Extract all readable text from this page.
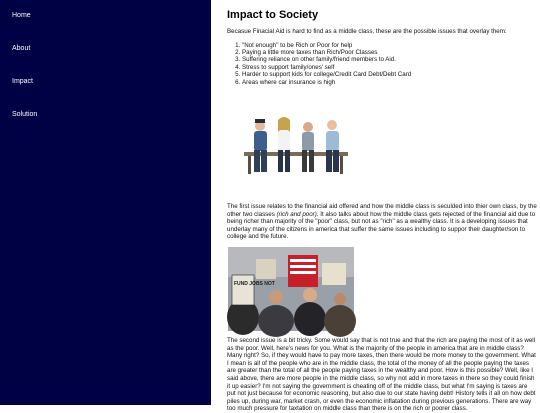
Home
About
Impact
Solution
Impact to Society

Becasue Finacial Aid is hard to find as a middle class, these are the possible issues that overlay them:

1. "Not enough" to be Rich or Poor for help
2. Paying a little more taxes than Rich/Poor Classes
3. Suffering reliance on other family/friend members to Aid.
4. Stress to support family/ones' self
5. Harder to support kids for college/Credit Card Debt/Debt Card
6. Areas where car insurance is high

The first issue relates to the financial aid offered and how the middle class is seculded into thier own class, by the other two classes (rich and poor). It also talks about how the middle class gets rejected of the financial aid due to being richer than majority of the "poor" class, but not as "rich" as a wealthy class. It is a developing issues that underlay many of the citizens in america that suffer the same issues including to suppor their daughter/son to college and the future.

FUND JOBS NOT

The second issue is a bit tricky. Some would say that is not true and that the rich are paying the most of it as well as the poor. Well, here's news for you. What is the majority of the people in america that are in middle class? Many right? So, if they would have to pay more taxes, then there would be more money to the government. What I mean is all of the people who are in the middle class, the total of the money of all the people paying the taxes are greater than the total of all the people paying taxes in the wealthy and poor. How is this possible? Well, like I said above, there are more people in the middle class, so why not add in more taxes in there so they could finish it up easier? I'm not saying the government is cheating off of the middle class, but what I'm saying is taxes are put not just because for economic reasoning, but also due to our state having debt! History tells it all on how debt piles up, during war, market crash, or even the economic inflatation during previous generations. There are way too much pressure for taxtation on middle class than there is on the rich or poorer class.
